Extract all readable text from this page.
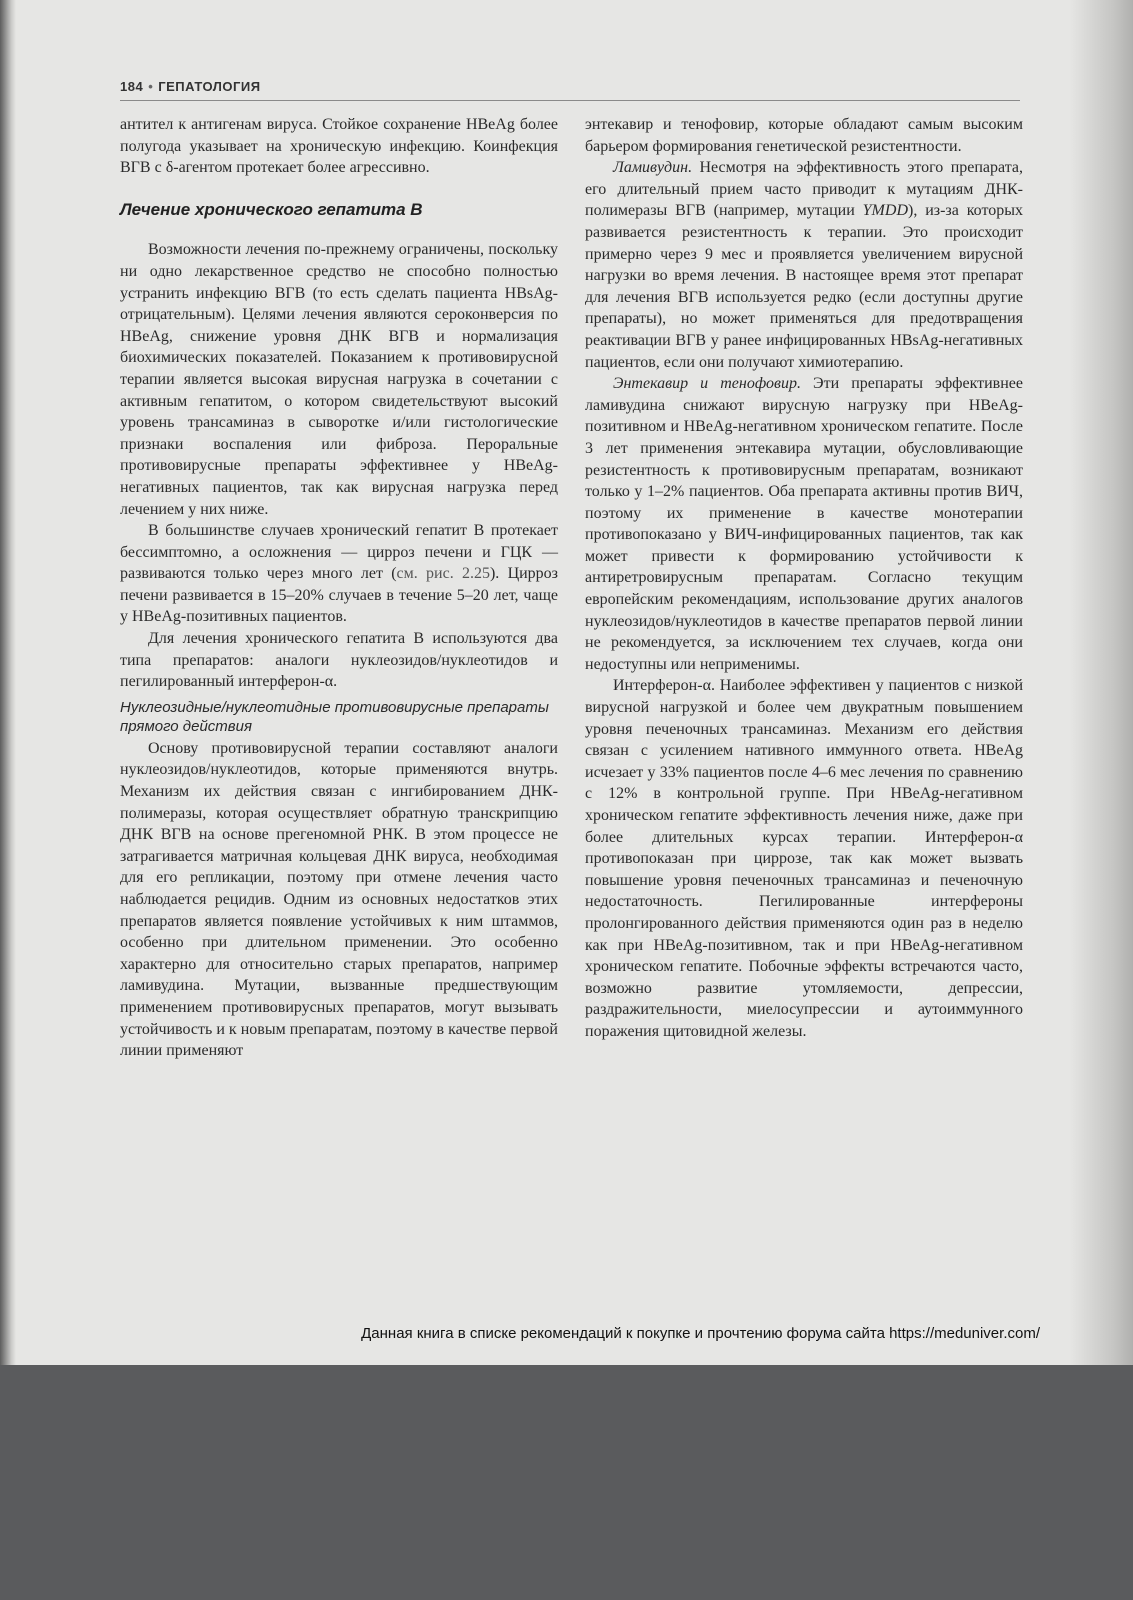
184 • ГЕПАТОЛОГИЯ

антител к антигенам вируса. Стойкое сохранение HBeAg более полугода указывает на хроническую инфекцию. Коинфекция ВГВ с δ-агентом протекает более агрессивно.

Лечение хронического гепатита В

Возможности лечения по-прежнему ограничены, поскольку ни одно лекарственное средство не способно полностью устранить инфекцию ВГВ (то есть сделать пациента HBsAg-отрицательным). Целями лечения являются сероконверсия по HBeAg, снижение уровня ДНК ВГВ и нормализация биохимических показателей. Показанием к противовирусной терапии является высокая вирусная нагрузка в сочетании с активным гепатитом, о котором свидетельствуют высокий уровень трансаминаз в сыворотке и/или гистологические признаки воспаления или фиброза. Пероральные противовирусные препараты эффективнее у HBeAg-негативных пациентов, так как вирусная нагрузка перед лечением у них ниже.

В большинстве случаев хронический гепатит В протекает бессимптомно, а осложнения — цирроз печени и ГЦК — развиваются только через много лет (см. рис. 2.25). Цирроз печени развивается в 15–20% случаев в течение 5–20 лет, чаще у HBeAg-позитивных пациентов.

Для лечения хронического гепатита В используются два типа препаратов: аналоги нуклеозидов/нуклеотидов и пегилированный интерферон-α.

Нуклеозидные/нуклеотидные противовирусные препараты прямого действия

Основу противовирусной терапии составляют аналоги нуклеозидов/нуклеотидов, которые применяются внутрь. Механизм их действия связан с ингибированием ДНК-полимеразы, которая осуществляет обратную транскрипцию ДНК ВГВ на основе прегеномной РНК. В этом процессе не затрагивается матричная кольцевая ДНК вируса, необходимая для его репликации, поэтому при отмене лечения часто наблюдается рецидив. Одним из основных недостатков этих препаратов является появление устойчивых к ним штаммов, особенно при длительном применении. Это особенно характерно для относительно старых препаратов, например ламивудина. Мутации, вызванные предшествующим применением противовирусных препаратов, могут вызывать устойчивость и к новым препаратам, поэтому в качестве первой линии применяют

энтекавир и тенофовир, которые обладают самым высоким барьером формирования генетической резистентности.

Ламивудин. Несмотря на эффективность этого препарата, его длительный прием часто приводит к мутациям ДНК-полимеразы ВГВ (например, мутации YMDD), из-за которых развивается резистентность к терапии. Это происходит примерно через 9 мес и проявляется увеличением вирусной нагрузки во время лечения. В настоящее время этот препарат для лечения ВГВ используется редко (если доступны другие препараты), но может применяться для предотвращения реактивации ВГВ у ранее инфицированных HBsAg-негативных пациентов, если они получают химиотерапию.

Энтекавир и тенофовир. Эти препараты эффективнее ламивудина снижают вирусную нагрузку при HBeAg-позитивном и HBeAg-негативном хроническом гепатите. После 3 лет применения энтекавира мутации, обусловливающие резистентность к противовирусным препаратам, возникают только у 1–2% пациентов. Оба препарата активны против ВИЧ, поэтому их применение в качестве монотерапии противопоказано у ВИЧ-инфицированных пациентов, так как может привести к формированию устойчивости к антиретровирусным препаратам. Согласно текущим европейским рекомендациям, использование других аналогов нуклеозидов/нуклеотидов в качестве препаратов первой линии не рекомендуется, за исключением тех случаев, когда они недоступны или неприменимы.

Интерферон-α. Наиболее эффективен у пациентов с низкой вирусной нагрузкой и более чем двукратным повышением уровня печеночных трансаминаз. Механизм его действия связан с усилением нативного иммунного ответа. HBeAg исчезает у 33% пациентов после 4–6 мес лечения по сравнению с 12% в контрольной группе. При HBeAg-негативном хроническом гепатите эффективность лечения ниже, даже при более длительных курсах терапии. Интерферон-α противопоказан при циррозе, так как может вызвать повышение уровня печеночных трансаминаз и печеночную недостаточность. Пегилированные интерфероны пролонгированного действия применяются один раз в неделю как при HBeAg-позитивном, так и при HBeAg-негативном хроническом гепатите. Побочные эффекты встречаются часто, возможно развитие утомляемости, депрессии, раздражительности, миелосупрессии и аутоиммунного поражения щитовидной железы.

Данная книга в списке рекомендаций к покупке и прочтению форума сайта https://meduniver.com/
